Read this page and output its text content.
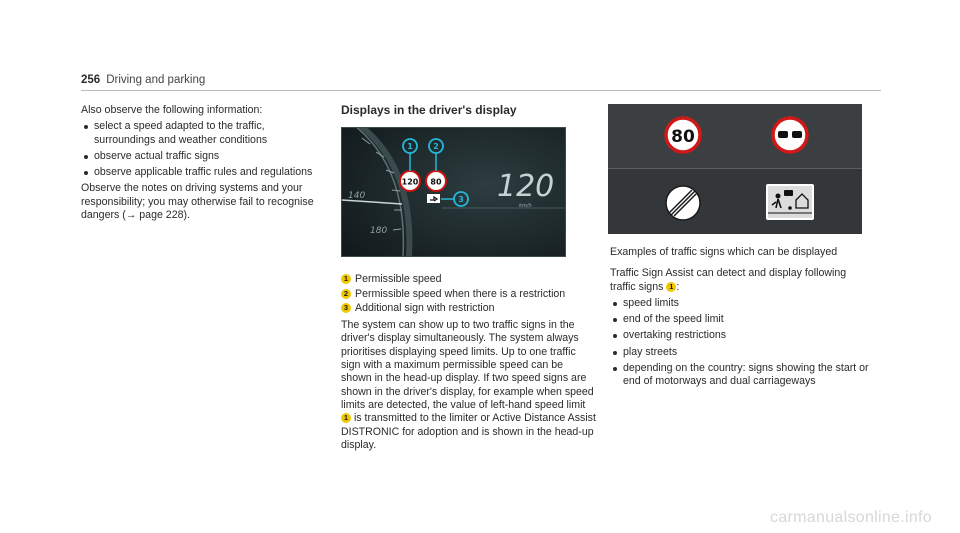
256 Driving and parking

Also observe the following information:

select a speed adapted to the traffic, surroundings and weather conditions
observe actual traffic signs
observe applicable traffic rules and regulations

Observe the notes on driving systems and your responsibility; you may otherwise fail to recognise dangers (→ page 228).

Displays in the driver's display
140
180
120 80
1	2
3 120
km/h
1 Permissible speed
2 Permissible speed when there is a restriction
3 Additional sign with restriction

The system can show up to two traffic signs in the driver's display simultaneously. The system always prioritises displaying speed limits. Up to one traffic sign with a maximum permissible speed can be shown in the head-up display. If two speed signs are shown in the driver's display, for example when speed limits are detected, the value of left-hand speed limit 1 is transmitted to the limiter or Active Distance Assist DISTRONIC for adoption and is shown in the head-up display.

80

Examples of traffic signs which can be displayed

Traffic Sign Assist can detect and display following traffic signs 1 :

speed limits
end of the speed limit
overtaking restrictions
play streets
depending on the country: signs showing the start or end of motorways and dual carriageways
carmanualsonline.info
